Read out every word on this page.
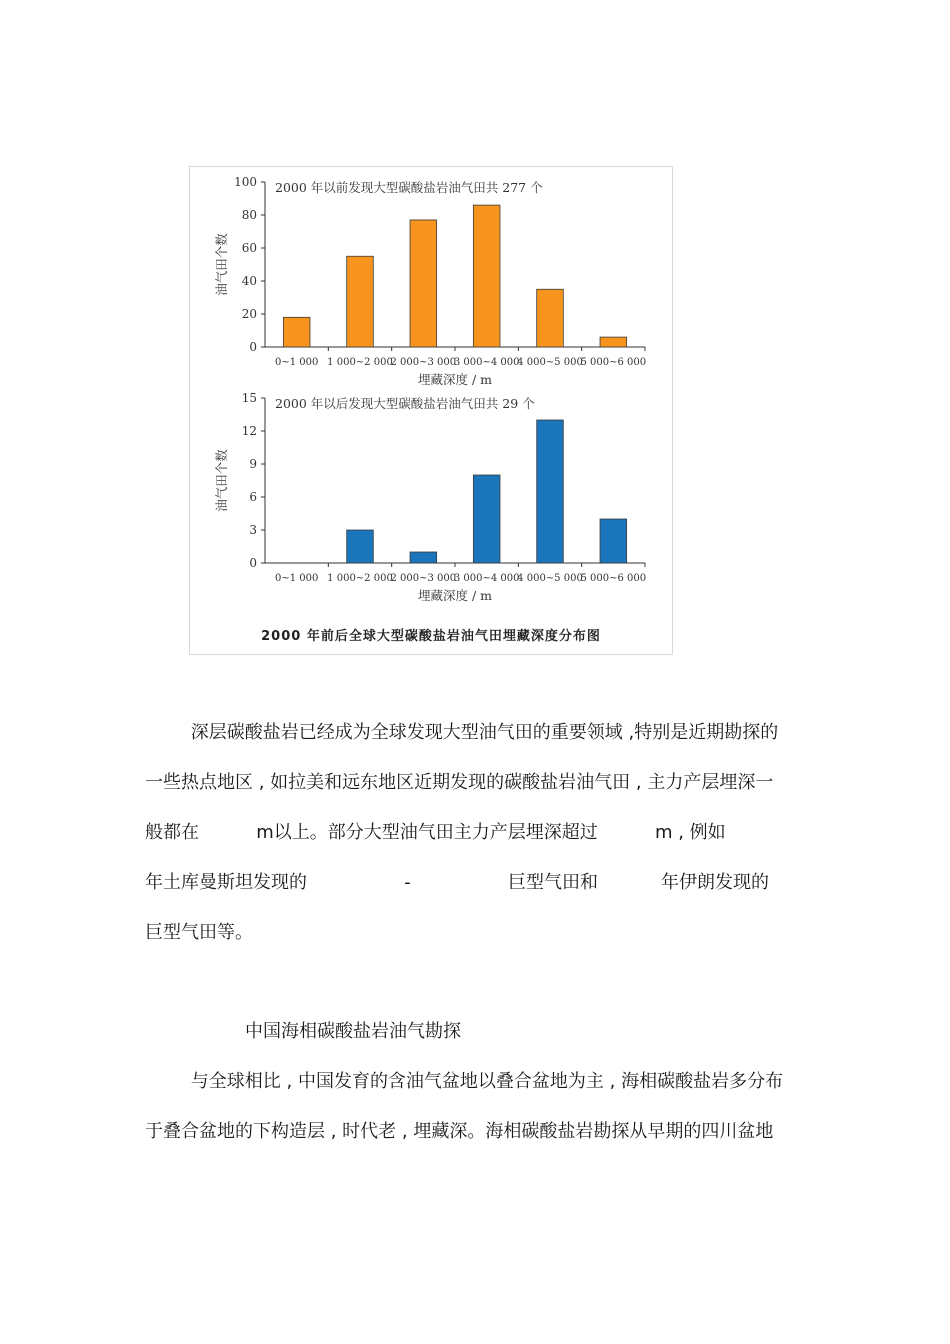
0
20
40
60
80
100
0~1 000 1 000~2 000
2 000~3 000
3 000~4 000
4 000~5 000
5 000~6 000
2000 年以前发现大型碳酸盐岩油气田共 277 个
埋藏深度 / m
油气田个数
0
3
6
9
12
15
0~1 000 1 000~2 000
2 000~3 000
3 000~4 000
4 000~5 000
5 000~6 000
2000 年以后发现大型碳酸盐岩油气田共 29 个
埋藏深度 / m
油气田个数
2000 年前后全球大型碳酸盐岩油气田埋藏深度分布图
深层碳酸盐岩已经成为全球发现大型油气田的重要领域 ,特别是近期勘探的
一些热点地区 , 如拉美和远东地区近期发现的碳酸盐岩油气田 , 主力产层埋深一
般都在          m以上。部分大型油气田主力产层埋深超过          m , 例如
年土库曼斯坦发现的                 -                 巨型气田和           年伊朗发现的
巨型气田等。
中国海相碳酸盐岩油气勘探
与全球相比 , 中国发育的含油气盆地以叠合盆地为主 , 海相碳酸盐岩多分布
于叠合盆地的下构造层 , 时代老 , 埋藏深。海相碳酸盐岩勘探从早期的四川盆地
